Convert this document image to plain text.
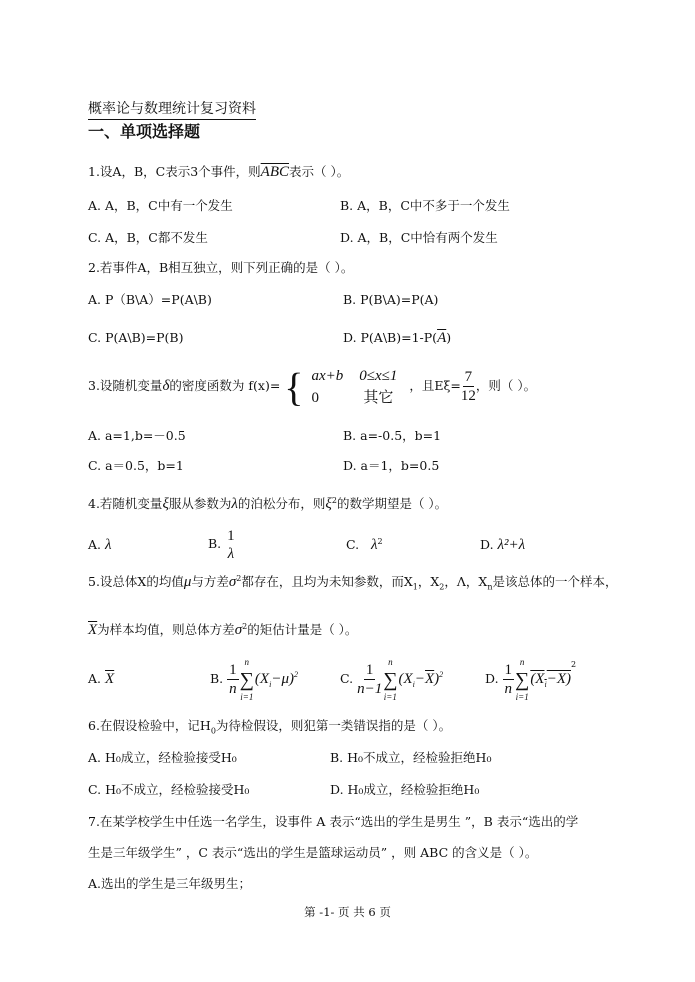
概率论与数理统计复习资料
一、单项选择题
1.设A，B，C表示3个事件，则$\overline{ABC}$表示（ ）。
A. A，B，C中有一个发生	B. A，B，C中不多于一个发生
C. A，B，C都不发生	D. A，B，C中恰有两个发生
2.若事件A，B相互独立，则下列正确的是（ ）。
A. P（B\A）=P(A\B)	B. P(B\A)=P(A)
C. P(A\B)=P(B)	D. $P(A\backslash B)=1-P(\overline{A})$
3.设随机变量δ的密度函数为 f(x)= { ax+b	0≤x≤1
0	其它 ，且$E\xi= \frac{7}{12}$ ，则（ ）。
A. a=1,b=－0.5	B. a=-0.5，b=1
C. a＝0.5，b=1	D. a＝1，b=0.5
4.若随机变量ξ服从参数为λ的泊松分布，则$\xi^2$的数学期望是（ ）。
A. λ	B. 1
λ
C. $\lambda^2$	D. λ²+λ
5.设总体X的均值μ与方差$\sigma^2$都存在，且均为未知参数，而$X_1$，$X_2$，Λ，$X_n$是该总体的一个样本，
$\overline{X}$为样本均值，则总体方差$\sigma^2$的矩估计量是（ ）。
A. $\overline{X}$	B. $\frac{1}{n}$ n
∑
i=1
$(X_i-\mu)^2$	C. $\frac{1}{n-1}$ n
∑
i=1
$(X_i-\overline{X})^2$	D. $\frac{1}{n}$ n
∑
i=1
$(X_i-X)^2$
6.在假设检验中，记$H_0$为待检假设，则犯第一类错误指的是（ ）。
A. H₀成立，经检验接受H₀	B. H₀不成立，经检验拒绝H₀
C. H₀不成立，经检验接受H₀	D. H₀成立，经检验拒绝H₀
7.在某学校学生中任选一名学生，设事件 A 表示“选出的学生是男生 ”，B 表示“选出的学
生是三年级学生” ，C 表示“选出的学生是篮球运动员” ，则 ABC 的含义是（ ）。
A.选出的学生是三年级男生；
第 -1- 页 共 6 页
